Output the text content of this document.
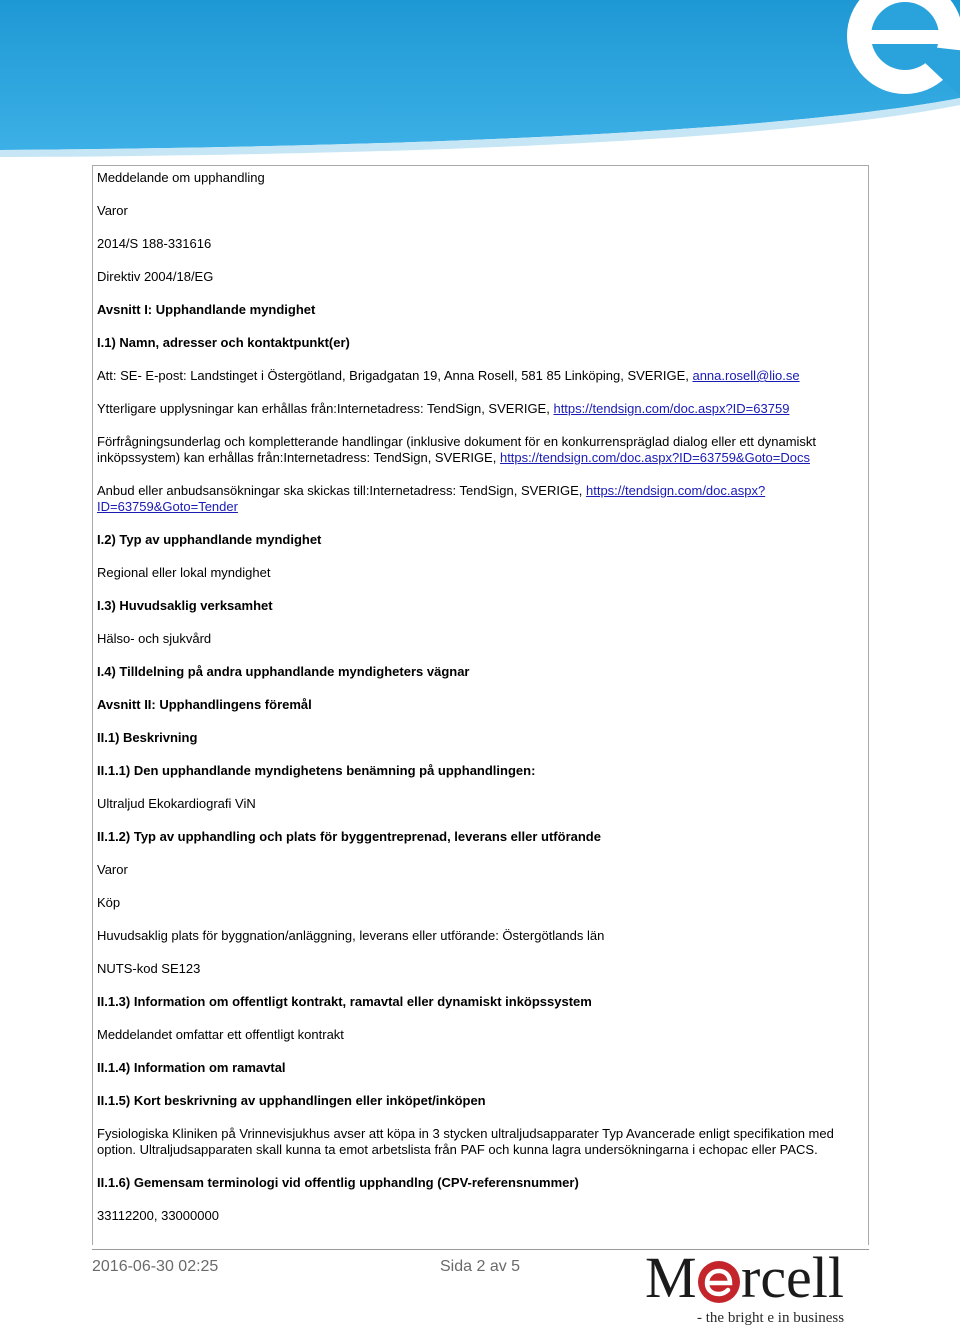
Meddelande om upphandling

Varor

2014/S 188-331616

Direktiv 2004/18/EG

Avsnitt I: Upphandlande myndighet

I.1) Namn, adresser och kontaktpunkt(er)

Att: SE- E-post: Landstinget i Östergötland, Brigadgatan 19, Anna Rosell, 581 85 Linköping, SVERIGE, anna.rosell@lio.se

Ytterligare upplysningar kan erhållas från:Internetadress: TendSign, SVERIGE, https://tendsign.com/doc.aspx?ID=63759

Förfrågningsunderlag och kompletterande handlingar (inklusive dokument för en konkurrenspräglad dialog eller ett dynamiskt inköpssystem) kan erhållas från:Internetadress: TendSign, SVERIGE, https://tendsign.com/doc.aspx?ID=63759&Goto=Docs

Anbud eller anbudsansökningar ska skickas till:Internetadress: TendSign, SVERIGE, https://tendsign.com/doc.aspx?ID=63759&Goto=Tender

I.2) Typ av upphandlande myndighet

Regional eller lokal myndighet

I.3) Huvudsaklig verksamhet

Hälso- och sjukvård

I.4) Tilldelning på andra upphandlande myndigheters vägnar

Avsnitt II: Upphandlingens föremål

II.1) Beskrivning

II.1.1) Den upphandlande myndighetens benämning på upphandlingen:

Ultraljud Ekokardiografi ViN

II.1.2) Typ av upphandling och plats för byggentreprenad, leverans eller utförande

Varor

Köp

Huvudsaklig plats för byggnation/anläggning, leverans eller utförande: Östergötlands län

NUTS-kod SE123

II.1.3) Information om offentligt kontrakt, ramavtal eller dynamiskt inköpssystem

Meddelandet omfattar ett offentligt kontrakt

II.1.4) Information om ramavtal

II.1.5) Kort beskrivning av upphandlingen eller inköpet/inköpen

Fysiologiska Kliniken på Vrinnevisjukhus avser att köpa in 3 stycken ultraljudsapparater Typ Avancerade enligt specifikation med option. Ultraljudsapparaten skall kunna ta emot arbetslista från PAF och kunna lagra undersökningarna i echopac eller PACS.

II.1.6) Gemensam terminologi vid offentlig upphandlng (CPV-referensnummer)

33112200, 33000000

2016-06-30 02:25	Sida 2 av 5 M rcell
- the bright e in business
